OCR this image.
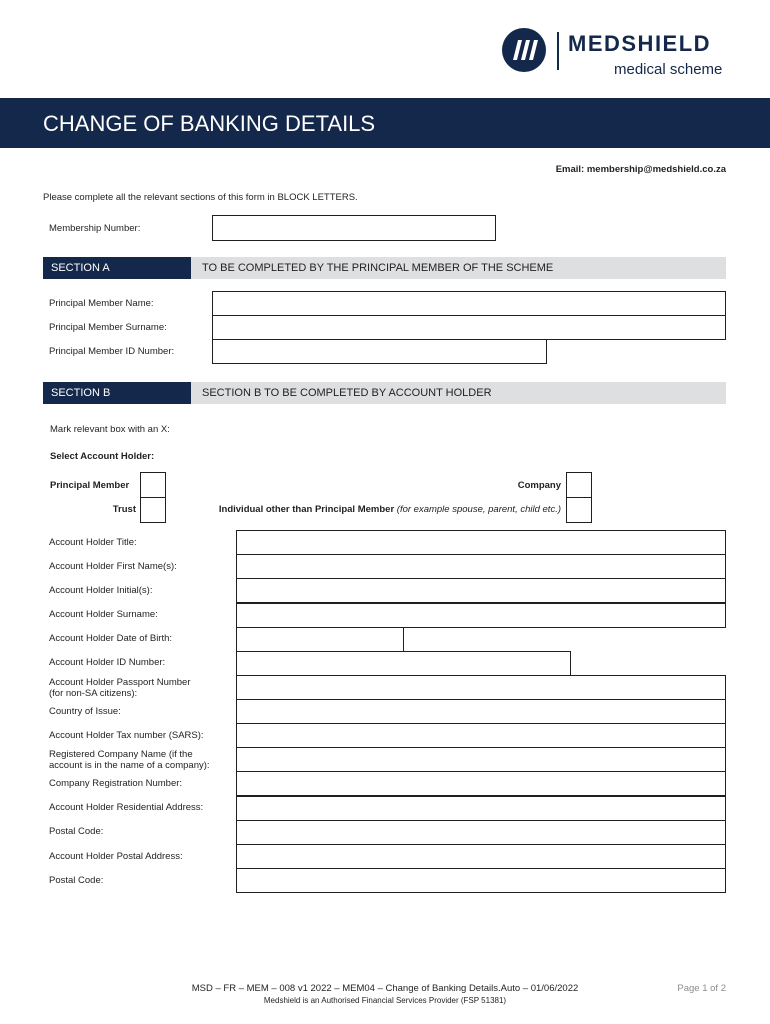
MEDSHIELD
medical scheme
CHANGE OF BANKING DETAILS
Email: membership@medshield.co.za
Please complete all the relevant sections of this form in BLOCK LETTERS.
Membership Number:
SECTION A	TO BE COMPLETED BY THE PRINCIPAL MEMBER OF THE SCHEME
Principal Member Name:
Principal Member Surname:
Principal Member ID Number:
SECTION B	SECTION B TO BE COMPLETED BY ACCOUNT HOLDER
Mark relevant box with an X:
Select Account Holder:
Principal Member
Trust
Company
Individual other than Principal Member (for example spouse, parent, child etc.)
Account Holder Title:
Account Holder First Name(s):
Account Holder Initial(s):
Account Holder Surname:
Account Holder Date of Birth:
Account Holder ID Number:
Account Holder Passport Number
(for non-SA citizens):
Country of Issue:
Account Holder Tax number (SARS):
Registered Company Name (if the
account is in the name of a company):
Company Registration Number:
Account Holder Residential Address:
Postal Code:
Account Holder Postal Address:
Postal Code:
MSD – FR – MEM – 008 v1 2022 – MEM04 – Change of Banking Details.Auto – 01/06/2022
Medshield is an Authorised Financial Services Provider (FSP 51381)
Page 1 of 2
